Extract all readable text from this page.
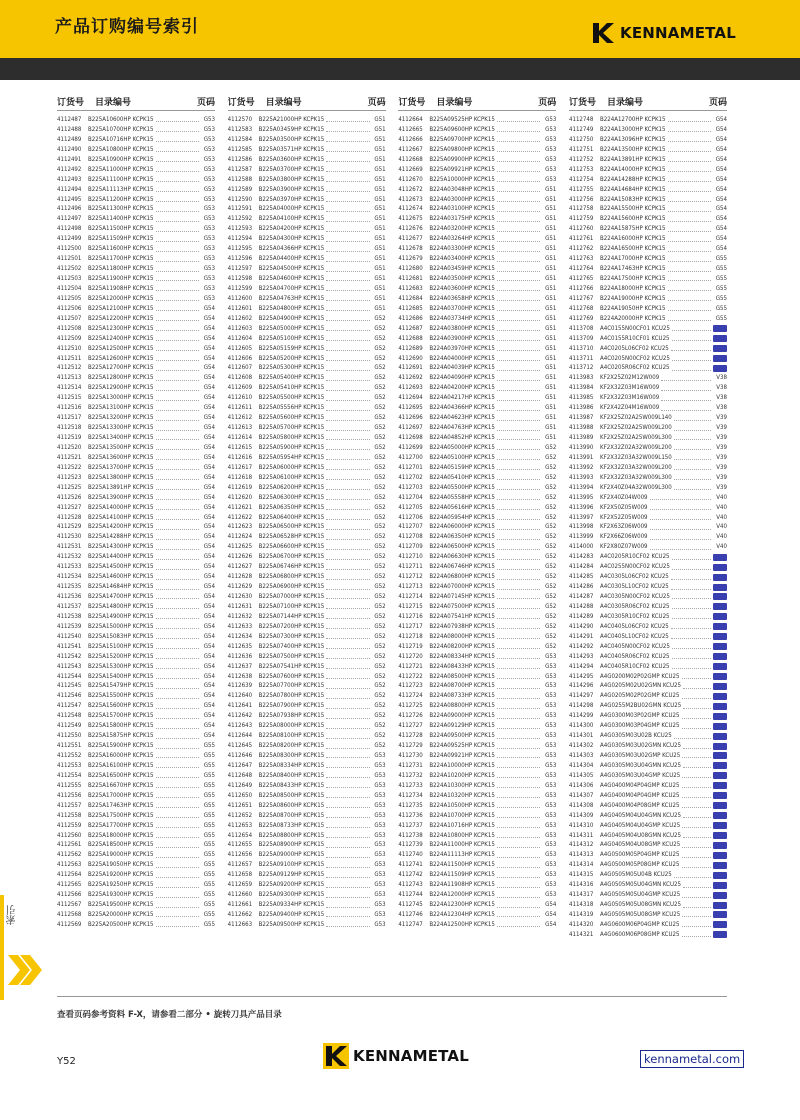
产品订购编号索引	KENNAMETAL
订货号	目录编号	页码
4112487	B225A10600HP KCPK15	G53
4112488	B225A10700HP KCPK15	G53
4112489	B225A10716HP KCPK15	G53
4112490	B225A10800HP KCPK15	G53
4112491	B225A10900HP KCPK15	G53
4112492	B225A11000HP KCPK15	G53
4112493	B225A11100HP KCPK15	G53
4112494	B225A11113HP KCPK15	G53
4112495	B225A11200HP KCPK15	G53
4112496	B225A11300HP KCPK15	G53
4112497	B225A11400HP KCPK15	G53
4112498	B225A11500HP KCPK15	G53
4112499	B225A11509HP KCPK15	G53
4112500	B225A11600HP KCPK15	G53
4112501	B225A11700HP KCPK15	G53
4112502	B225A11800HP KCPK15	G53
4112503	B225A11900HP KCPK15	G53
4112504	B225A11908HP KCPK15	G53
4112505	B225A12000HP KCPK15	G53
4112506	B225A12100HP KCPK15	G54
4112507	B225A12200HP KCPK15	G54
4112508	B225A12300HP KCPK15	G54
4112509	B225A12400HP KCPK15	G54
4112510	B225A12500HP KCPK15	G54
4112511	B225A12600HP KCPK15	G54
4112512	B225A12700HP KCPK15	G54
4112513	B225A12800HP KCPK15	G54
4112514	B225A12900HP KCPK15	G54
4112515	B225A13000HP KCPK15	G54
4112516	B225A13100HP KCPK15	G54
4112517	B225A13200HP KCPK15	G54
4112518	B225A13300HP KCPK15	G54
4112519	B225A13400HP KCPK15	G54
4112520	B225A13500HP KCPK15	G54
4112521	B225A13600HP KCPK15	G54
4112522	B225A13700HP KCPK15	G54
4112523	B225A13800HP KCPK15	G54
4112525	B225A13891HP KCPK15	G54
4112526	B225A13900HP KCPK15	G54
4112527	B225A14000HP KCPK15	G54
4112528	B225A14100HP KCPK15	G54
4112529	B225A14200HP KCPK15	G54
4112530	B225A14288HP KCPK15	G54
4112531	B225A14300HP KCPK15	G54
4112532	B225A14400HP KCPK15	G54
4112533	B225A14500HP KCPK15	G54
4112534	B225A14600HP KCPK15	G54
4112535	B225A14684HP KCPK15	G54
4112536	B225A14700HP KCPK15	G54
4112537	B225A14800HP KCPK15	G54
4112538	B225A14900HP KCPK15	G54
4112539	B225A15000HP KCPK15	G54
4112540	B225A15083HP KCPK15	G54
4112541	B225A15100HP KCPK15	G54
4112542	B225A15200HP KCPK15	G54
4112543	B225A15300HP KCPK15	G54
4112544	B225A15400HP KCPK15	G54
4112545	B225A15479HP KCPK15	G54
4112546	B225A15500HP KCPK15	G54
4112547	B225A15600HP KCPK15	G54
4112548	B225A15700HP KCPK15	G54
4112549	B225A15800HP KCPK15	G54
4112550	B225A15875HP KCPK15	G54
4112551	B225A15900HP KCPK15	G55
4112552	B225A16000HP KCPK15	G55
4112553	B225A16100HP KCPK15	G55
4112554	B225A16500HP KCPK15	G55
4112555	B225A16670HP KCPK15	G55
4112556	B225A17000HP KCPK15	G55
4112557	B225A17463HP KCPK15	G55
4112558	B225A17500HP KCPK15	G55
4112559	B225A17700HP KCPK15	G55
4112560	B225A18000HP KCPK15	G55
4112561	B225A18500HP KCPK15	G55
4112562	B225A19000HP KCPK15	G55
4112563	B225A19050HP KCPK15	G55
4112564	B225A19200HP KCPK15	G55
4112565	B225A19250HP KCPK15	G55
4112566	B225A19300HP KCPK15	G55
4112567	B225A19500HP KCPK15	G55
4112568	B225A20000HP KCPK15	G55
4112569	B225A20500HP KCPK15	G55
订货号	目录编号	页码
4112570	B225A21000HP KCPK15	G51
4112583	B225A03459HP KCPK15	G51
4112584	B225A03500HP KCPK15	G51
4112585	B225A03571HP KCPK15	G51
4112586	B225A03600HP KCPK15	G51
4112587	B225A03700HP KCPK15	G51
4112588	B225A03800HP KCPK15	G51
4112589	B225A03900HP KCPK15	G51
4112590	B225A03970HP KCPK15	G51
4112591	B225A04000HP KCPK15	G51
4112592	B225A04100HP KCPK15	G51
4112593	B225A04200HP KCPK15	G51
4112594	B225A04300HP KCPK15	G51
4112595	B225A04366HP KCPK15	G51
4112596	B225A04400HP KCPK15	G51
4112597	B225A04500HP KCPK15	G51
4112598	B225A04600HP KCPK15	G51
4112599	B225A04700HP KCPK15	G51
4112600	B225A04763HP KCPK15	G51
4112601	B225A04800HP KCPK15	G51
4112602	B225A04900HP KCPK15	G52
4112603	B225A05000HP KCPK15	G52
4112604	B225A05100HP KCPK15	G52
4112605	B225A05159HP KCPK15	G52
4112606	B225A05200HP KCPK15	G52
4112607	B225A05300HP KCPK15	G52
4112608	B225A05400HP KCPK15	G52
4112609	B225A05410HP KCPK15	G52
4112610	B225A05500HP KCPK15	G52
4112611	B225A05556HP KCPK15	G52
4112612	B225A05600HP KCPK15	G52
4112613	B225A05700HP KCPK15	G52
4112614	B225A05800HP KCPK15	G52
4112615	B225A05900HP KCPK15	G52
4112616	B225A05954HP KCPK15	G52
4112617	B225A06000HP KCPK15	G52
4112618	B225A06100HP KCPK15	G52
4112619	B225A06200HP KCPK15	G52
4112620	B225A06300HP KCPK15	G52
4112621	B225A06350HP KCPK15	G52
4112622	B225A06400HP KCPK15	G52
4112623	B225A06500HP KCPK15	G52
4112624	B225A06528HP KCPK15	G52
4112625	B225A06600HP KCPK15	G52
4112626	B225A06700HP KCPK15	G52
4112627	B225A06746HP KCPK15	G52
4112628	B225A06800HP KCPK15	G52
4112629	B225A06900HP KCPK15	G52
4112630	B225A07000HP KCPK15	G52
4112631	B225A07100HP KCPK15	G52
4112632	B225A07144HP KCPK15	G52
4112633	B225A07200HP KCPK15	G52
4112634	B225A07300HP KCPK15	G52
4112635	B225A07400HP KCPK15	G52
4112636	B225A07500HP KCPK15	G52
4112637	B225A07541HP KCPK15	G52
4112638	B225A07600HP KCPK15	G52
4112639	B225A07700HP KCPK15	G52
4112640	B225A07800HP KCPK15	G52
4112641	B225A07900HP KCPK15	G52
4112642	B225A07938HP KCPK15	G52
4112643	B225A08000HP KCPK15	G52
4112644	B225A08100HP KCPK15	G52
4112645	B225A08200HP KCPK15	G52
4112646	B225A08300HP KCPK15	G53
4112647	B225A08334HP KCPK15	G53
4112648	B225A08400HP KCPK15	G53
4112649	B225A08433HP KCPK15	G53
4112650	B225A08500HP KCPK15	G53
4112651	B225A08600HP KCPK15	G53
4112652	B225A08700HP KCPK15	G53
4112653	B225A08733HP KCPK15	G53
4112654	B225A08800HP KCPK15	G53
4112655	B225A08900HP KCPK15	G53
4112656	B225A09000HP KCPK15	G53
4112657	B225A09100HP KCPK15	G53
4112658	B225A09129HP KCPK15	G53
4112659	B225A09200HP KCPK15	G53
4112660	B225A09300HP KCPK15	G53
4112661	B225A09334HP KCPK15	G53
4112662	B225A09400HP KCPK15	G53
4112663	B225A09500HP KCPK15	G53
订货号	目录编号	页码
4112664	B225A09525HP KCPK15	G53
4112665	B225A09600HP KCPK15	G53
4112666	B225A09700HP KCPK15	G53
4112667	B225A09800HP KCPK15	G53
4112668	B225A09900HP KCPK15	G53
4112669	B225A09921HP KCPK15	G53
4112670	B225A10000HP KCPK15	G53
4112672	B224A03048HP KCPK15	G51
4112673	B224A03000HP KCPK15	G51
4112674	B224A03100HP KCPK15	G51
4112675	B224A03175HP KCPK15	G51
4112676	B224A03200HP KCPK15	G51
4112677	B224A03264HP KCPK15	G51
4112678	B224A03300HP KCPK15	G51
4112679	B224A03400HP KCPK15	G51
4112680	B224A03459HP KCPK15	G51
4112681	B224A03500HP KCPK15	G51
4112683	B224A03600HP KCPK15	G51
4112684	B224A03658HP KCPK15	G51
4112685	B224A03700HP KCPK15	G51
4112686	B224A03734HP KCPK15	G51
4112687	B224A03800HP KCPK15	G51
4112688	B224A03900HP KCPK15	G51
4112689	B224A03970HP KCPK15	G51
4112690	B224A04000HP KCPK15	G51
4112691	B224A04039HP KCPK15	G51
4112692	B224A04090HP KCPK15	G51
4112693	B224A04200HP KCPK15	G51
4112694	B224A04217HP KCPK15	G51
4112695	B224A04366HP KCPK15	G51
4112696	B224A04623HP KCPK15	G51
4112697	B224A04763HP KCPK15	G51
4112698	B224A04852HP KCPK15	G51
4112699	B224A05000HP KCPK15	G52
4112700	B224A05100HP KCPK15	G52
4112701	B224A05159HP KCPK15	G52
4112702	B224A05410HP KCPK15	G52
4112703	B224A05500HP KCPK15	G52
4112704	B224A05558HP KCPK15	G52
4112705	B224A05616HP KCPK15	G52
4112706	B224A05954HP KCPK15	G52
4112707	B224A06000HP KCPK15	G52
4112708	B224A06350HP KCPK15	G52
4112709	B224A06500HP KCPK15	G52
4112710	B224A06630HP KCPK15	G52
4112711	B224A06746HP KCPK15	G52
4112712	B224A06800HP KCPK15	G52
4112713	B224A07000HP KCPK15	G52
4112714	B224A07145HP KCPK15	G52
4112715	B224A07500HP KCPK15	G52
4112716	B224A07541HP KCPK15	G52
4112717	B224A07938HP KCPK15	G52
4112718	B224A08000HP KCPK15	G52
4112719	B224A08200HP KCPK15	G52
4112720	B224A08334HP KCPK15	G53
4112721	B224A08433HP KCPK15	G53
4112722	B224A08500HP KCPK15	G53
4112723	B224A08700HP KCPK15	G53
4112724	B224A08733HP KCPK15	G53
4112725	B224A08800HP KCPK15	G53
4112726	B224A09000HP KCPK15	G53
4112727	B224A09129HP KCPK15	G53
4112728	B224A09500HP KCPK15	G53
4112729	B224A09525HP KCPK15	G53
4112730	B224A09921HP KCPK15	G53
4112731	B224A10000HP KCPK15	G53
4112732	B224A10200HP KCPK15	G53
4112733	B224A10300HP KCPK15	G53
4112734	B224A10320HP KCPK15	G53
4112735	B224A10500HP KCPK15	G53
4112736	B224A10700HP KCPK15	G53
4112737	B224A10716HP KCPK15	G53
4112738	B224A10800HP KCPK15	G53
4112739	B224A11000HP KCPK15	G53
4112740	B224A11113HP KCPK15	G53
4112741	B224A11500HP KCPK15	G53
4112742	B224A11509HP KCPK15	G53
4112743	B224A11908HP KCPK15	G53
4112744	B224A12000HP KCPK15	G53
4112745	B224A12300HP KCPK15	G54
4112746	B224A12304HP KCPK15	G54
4112747	B224A12500HP KCPK15	G54
订货号	目录编号	页码
4112748	B224A12700HP KCPK15	G54
4112749	B224A13000HP KCPK15	G54
4112750	B224A13096HP KCPK15	G54
4112751	B224A13500HP KCPK15	G54
4112752	B224A13891HP KCPK15	G54
4112753	B224A14000HP KCPK15	G54
4112754	B224A14288HP KCPK15	G54
4112755	B224A14684HP KCPK15	G54
4112756	B224A15083HP KCPK15	G54
4112758	B224A15500HP KCPK15	G54
4112759	B224A15600HP KCPK15	G54
4112760	B224A15875HP KCPK15	G54
4112761	B224A16000HP KCPK15	G54
4112762	B224A16500HP KCPK15	G54
4112763	B224A17000HP KCPK15	G55
4112764	B224A17463HP KCPK15	G55
4112765	B224A17500HP KCPK15	G55
4112766	B224A18000HP KCPK15	G55
4112767	B224A19000HP KCPK15	G55
4112768	B224A19050HP KCPK15	G55
4112769	B224A20000HP KCPK15	G55
4113708	A4C0155N00CF01 KCU25
4113709	A4C0155R10CF01 KCU25
4113710	A4C0205L06CF02 KCU25
4113711	A4C0205N00CF02 KCU25
4113712	A4C0205R06CF02 KCU25
4113983	KF2X25Z02M12W009	V38
4113984	KF2X32Z03M16W009	V38
4113985	KF2X32Z03M16W009	V38
4113986	KF2X42Z04M16W009	V38
4113987	KF2X25Z02A25W009L140	V39
4113988	KF2X25Z02A25W009L200	V39
4113989	KF2X25Z02A25W009L300	V39
4113990	KF2X32Z02A32W009L200	V39
4113991	KF2X32Z03A32W009L150	V39
4113992	KF2X32Z03A32W009L200	V39
4113993	KF2X32Z03A32W009L300	V39
4113994	KF2X40Z04A32W009L300	V39
4113995	KF2X40Z04W009	V40
4113996	KF2X50Z05W009	V40
4113997	KF2X52Z05W009	V40
4113998	KF2X63Z06W009	V40
4113999	KF2X66Z06W009	V40
4114000	KF2X80Z07W009	V40
4114283	A4C0205R10CF02 KCU25
4114284	A4C0255N00CF02 KCU25
4114285	A4C0305L06CF02 KCU25
4114286	A4C0305L10CF02 KCU25
4114287	A4C0305N00CF02 KCU25
4114288	A4C0305R06CF02 KCU25
4114289	A4C0305R10CF02 KCU25
4114290	A4C0405L06CF02 KCU25
4114291	A4C0405L10CF02 KCU25
4114292	A4C0405N00CF02 KCU25
4114293	A4C0405R06CF02 KCU25
4114294	A4C0405R10CF02 KCU25
4114295	A4G0200M02P02GMP KCU25
4114296	A4G0205M02U02GMN KCU25
4114297	A4G0205M02P02GMP KCU25
4114298	A4G0255M2BU02GMN KCU25
4114299	A4G0300M03P02GMP KCU25
4114300	A4G0300M03P04GMP KCU25
4114301	A4G0305M03U02B KCU25
4114302	A4G0305M03U02GMN KCU25
4114303	A4G0305M03U02GMP KCU25
4114304	A4G0305M03U04GMN KCU25
4114305	A4G0305M03U04GMP KCU25
4114306	A4G0400M04P04GMP KCU25
4114307	A4G0400M04P04GMP KCU25
4114308	A4G0400M04P08GMP KCU25
4114309	A4G0405M04U04GMN KCU25
4114310	A4G0405M04U04GMP KCU25
4114311	A4G0405M04U08GMN KCU25
4114312	A4G0405M04U08GMP KCU25
4114313	A4G0500M05P04GMP KCU25
4114314	A4G0500M05P08GMP KCU25
4114315	A4G0505M05U04B KCU25
4114316	A4G0505M05U04GMN KCU25
4114317	A4G0505M05U04GMP KCU25
4114318	A4G0505M05U08GMN KCU25
4114319	A4G0505M05U08GMP KCU25
4114320	A4G0600M06P04GMP KCU25
4114321	A4G0600M06P08GMP KCU25
查看页码参考资料 F-X，请参看二部分 • 旋转刀具产品目录
索引
Y52	KENNAMETAL	kennametal.com
